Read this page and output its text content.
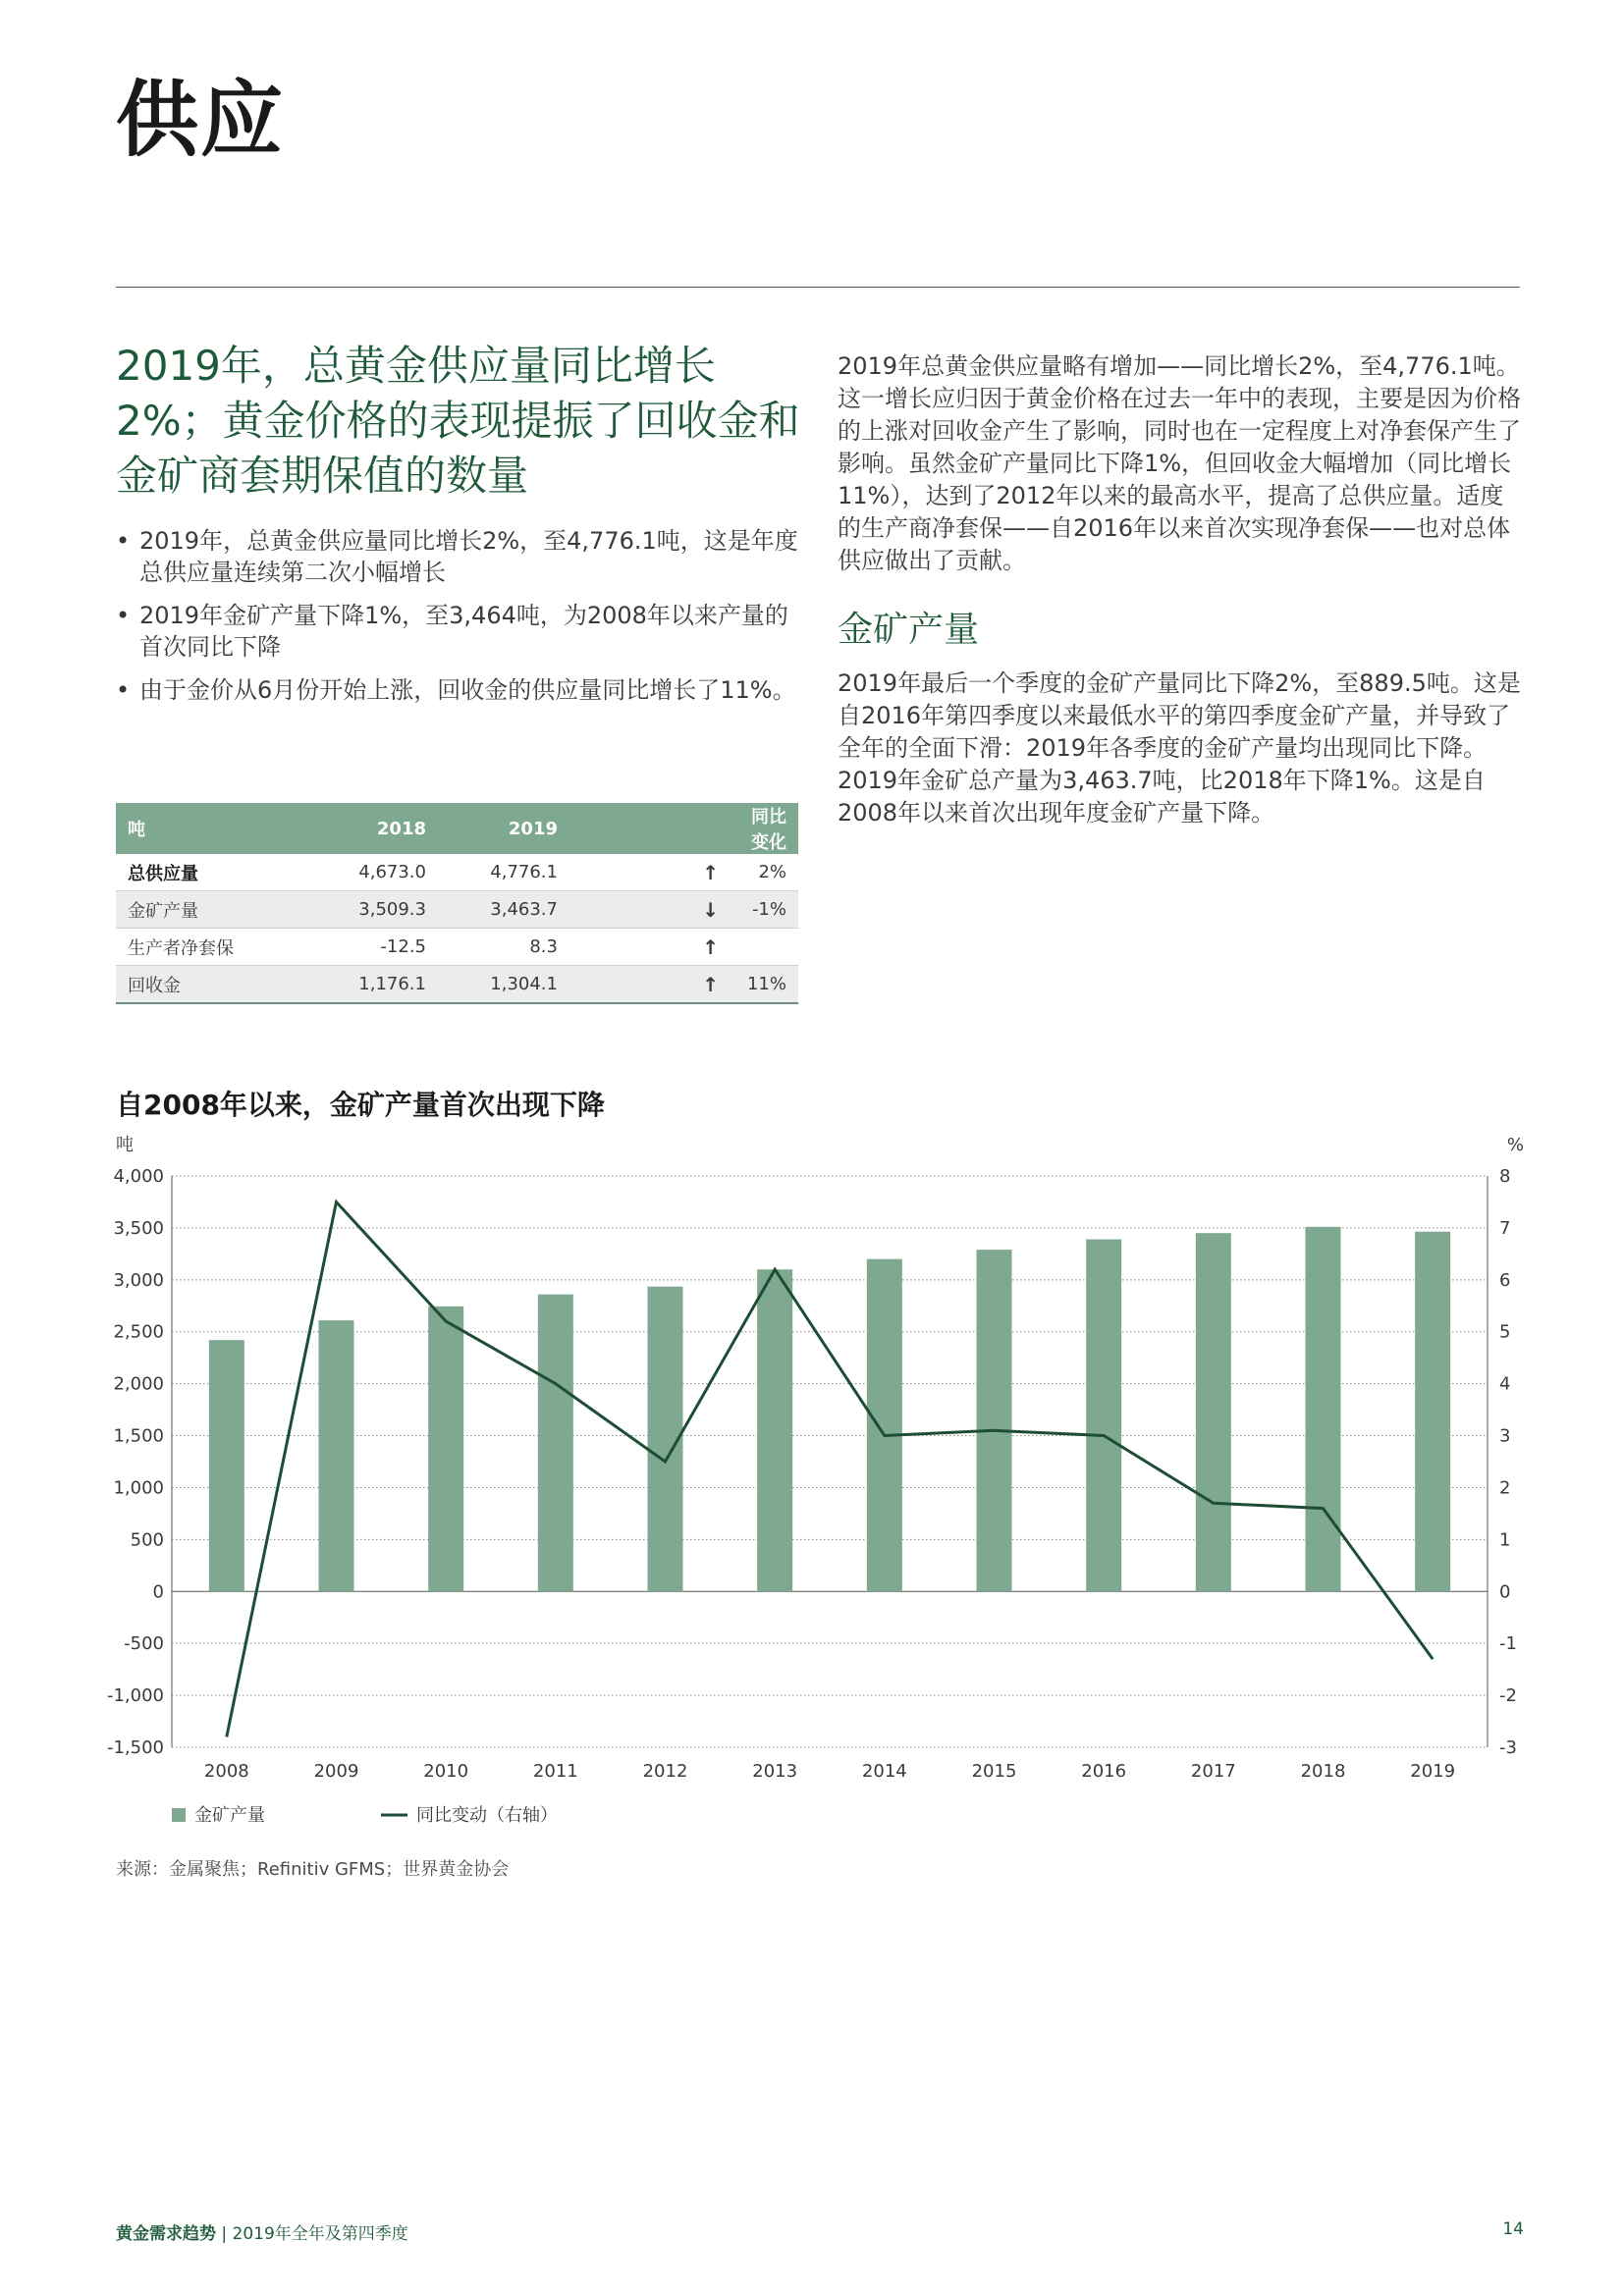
供应
2019年，总黄金供应量同比增长2%；黄金价格的表现提振了回收金和金矿商套期保值的数量
• 2019年，总黄金供应量同比增长2%，至4,776.1吨，这是年度总供应量连续第二次小幅增长
• 2019年金矿产量下降1%，至3,464吨，为2008年以来产量的首次同比下降
• 由于金价从6月份开始上涨，回收金的供应量同比增长了11%。
吨	2018	2019		同比变化
总供应量	4,673.0	4,776.1	↑	2%
金矿产量	3,509.3	3,463.7	↓	-1%
生产者净套保	-12.5	8.3	↑	
回收金	1,176.1	1,304.1	↑	11%

2019年总黄金供应量略有增加——同比增长2%，至4,776.1吨。这一增长应归因于黄金价格在过去一年中的表现，主要是因为价格的上涨对回收金产生了影响，同时也在一定程度上对净套保产生了影响。虽然金矿产量同比下降1%，但回收金大幅增加（同比增长11%），达到了2012年以来的最高水平，提高了总供应量。适度的生产商净套保——自2016年以来首次实现净套保——也对总体供应做出了贡献。

金矿产量

2019年最后一个季度的金矿产量同比下降2%，至889.5吨。这是自2016年第四季度以来最低水平的第四季度金矿产量，并导致了全年的全面下滑：2019年各季度的金矿产量均出现同比下降。2019年金矿总产量为3,463.7吨，比2018年下降1%。这是自2008年以来首次出现年度金矿产量下降。

自2008年以来，金矿产量首次出现下降
吨	%
4,000	8
3,500	7
3,000	6
2,500	5
2,000	4
1,500	3
1,000	2
500	1
0	0
-500	-1
-1,000	-2
-1,500	-3
2008	2009	2010	2011	2012	2013	2014	2015	2016	2017	2018	2019
金矿产量	同比变动（右轴）
来源：金属聚焦；Refinitiv GFMS；世界黄金协会
黄金需求趋势 | 2019年全年及第四季度	14
